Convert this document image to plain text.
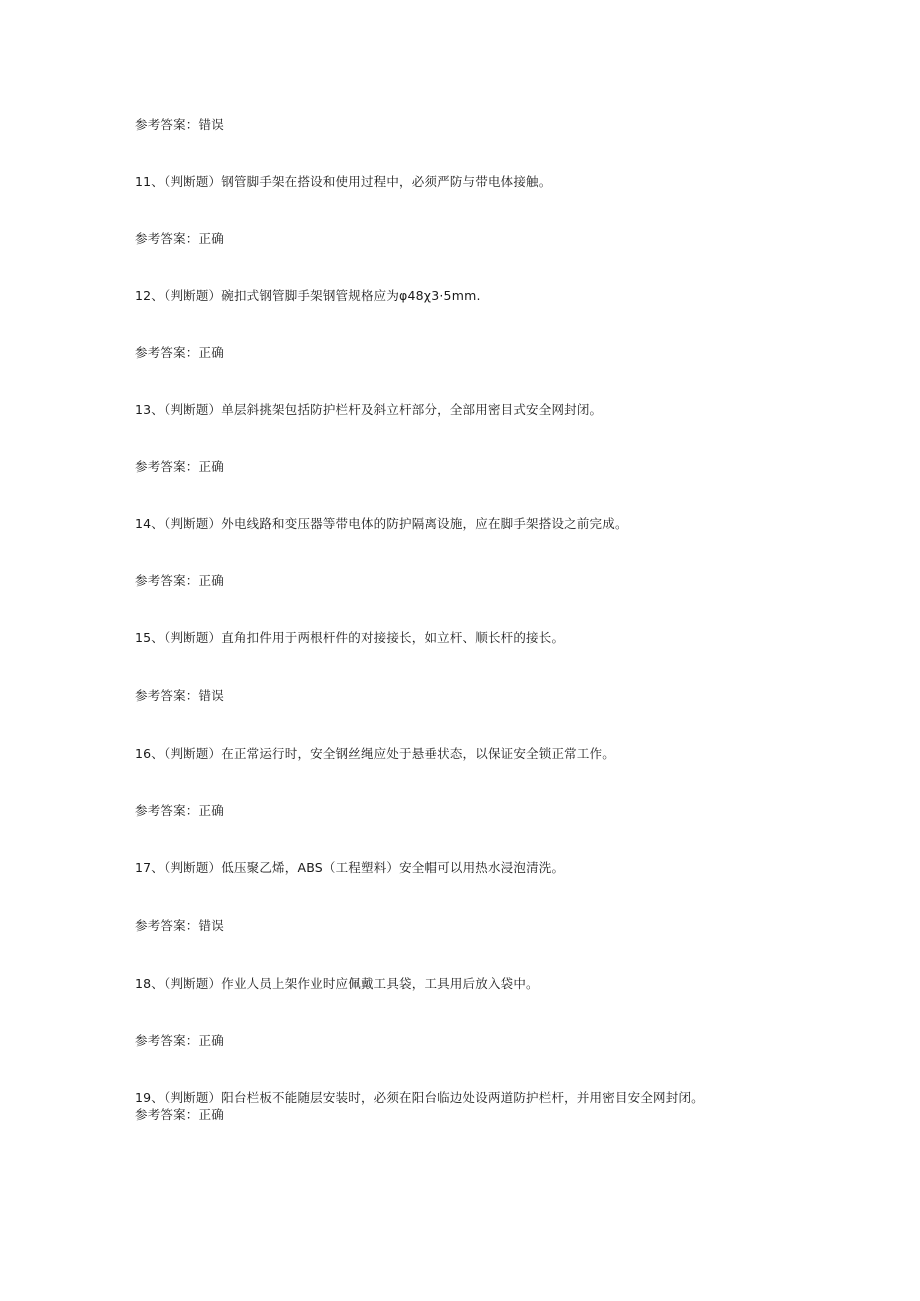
参考答案：错误
11、（判断题）钢管脚手架在搭设和使用过程中，必须严防与带电体接触。
参考答案：正确
12、（判断题）碗扣式钢管脚手架钢管规格应为φ48χ3·5mm.
参考答案：正确
13、（判断题）单层斜挑架包括防护栏杆及斜立杆部分，全部用密目式安全网封闭。
参考答案：正确
14、（判断题）外电线路和变压器等带电体的防护隔离设施，应在脚手架搭设之前完成。
参考答案：正确
15、（判断题）直角扣件用于两根杆件的对接接长，如立杆、顺长杆的接长。
参考答案：错误
16、（判断题）在正常运行时，安全钢丝绳应处于悬垂状态，以保证安全锁正常工作。
参考答案：正确
17、（判断题）低压聚乙烯，ABS（工程塑料）安全帽可以用热水浸泡清洗。
参考答案：错误
18、（判断题）作业人员上架作业时应佩戴工具袋，工具用后放入袋中。
参考答案：正确
19、（判断题）阳台栏板不能随层安装时，必须在阳台临边处设两道防护栏杆，并用密目安全网封闭。
参考答案：正确
